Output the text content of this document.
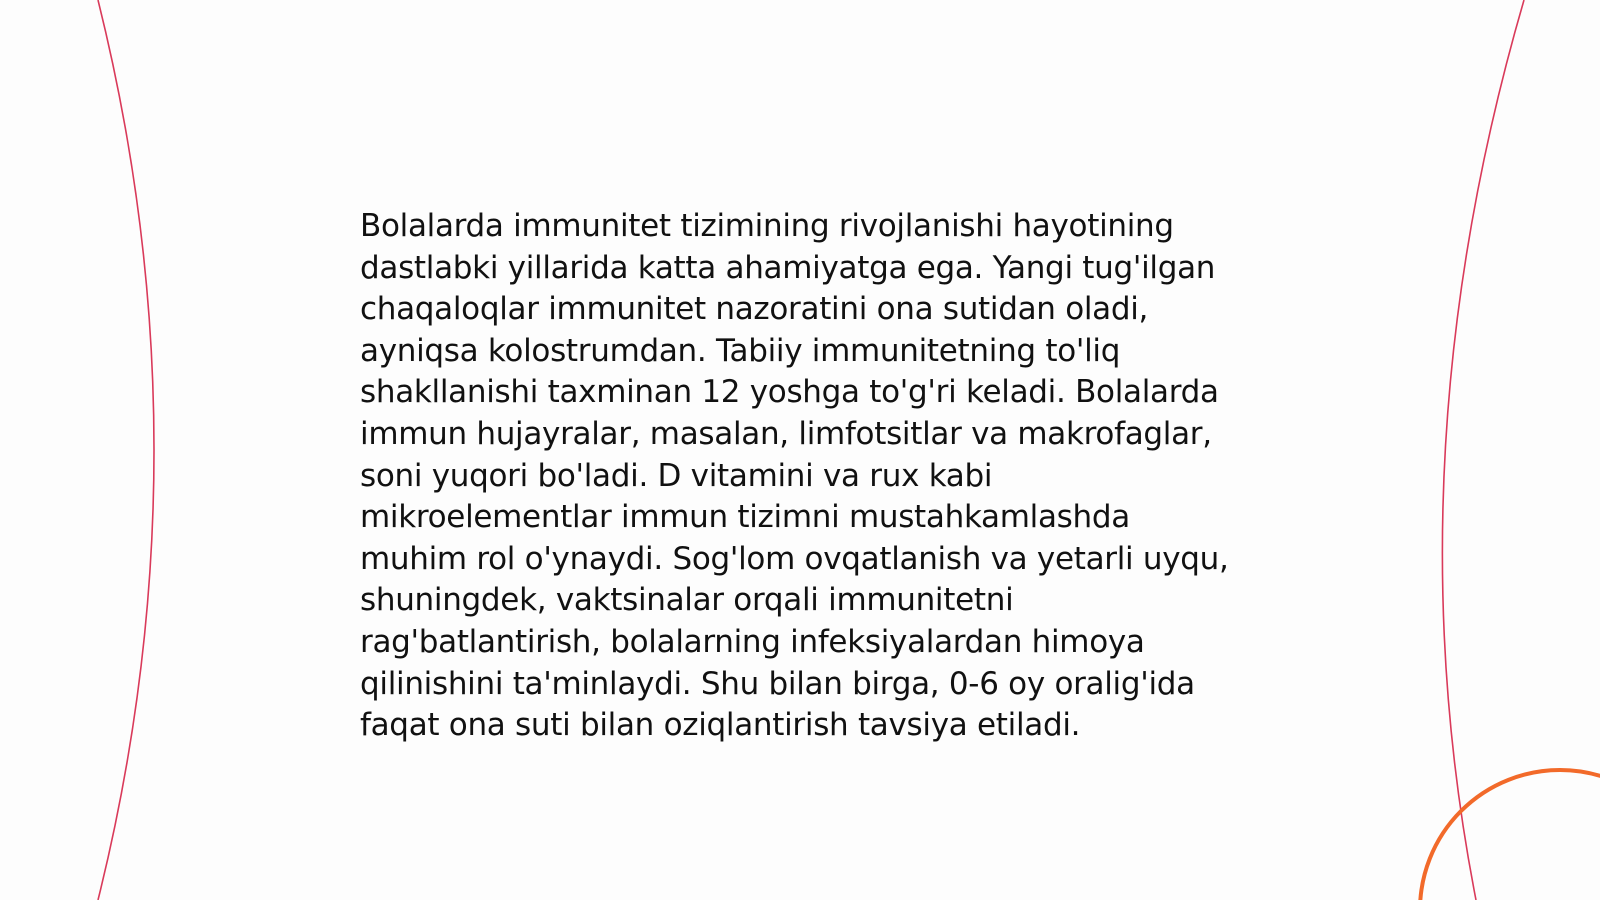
Bolalarda immunitet tizimining rivojlanishi hayotining dastlabki yillarida katta ahamiyatga ega. Yangi tug'ilgan chaqaloqlar immunitet nazoratini ona sutidan oladi, ayniqsa kolostrumdan. Tabiiy immunitetning to'liq shakllanishi taxminan 12 yoshga to'g'ri keladi. Bolalarda immun hujayralar, masalan, limfotsitlar va makrofaglar, soni yuqori bo'ladi. D vitamini va rux kabi mikroelementlar immun tizimni mustahkamlashda muhim rol o'ynaydi. Sog'lom ovqatlanish va yetarli uyqu, shuningdek, vaktsinalar orqali immunitetni rag'batlantirish, bolalarning infeksiyalardan himoya qilinishini ta'minlaydi. Shu bilan birga, 0-6 oy oralig'ida faqat ona suti bilan oziqlantirish tavsiya etiladi.
